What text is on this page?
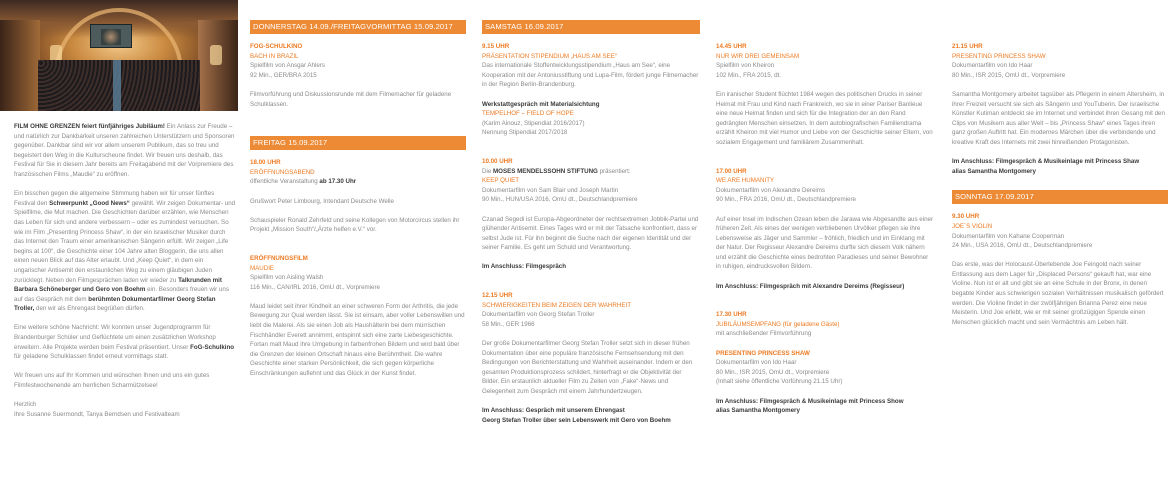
FILM OHNE GRENZEN feiert fünfjähriges Jubiläum! Ein Anlass zur Freude – und natürlich zur Dankbarkeit unseren zahlreichen Unterstützern und Sponsoren gegenüber. Dankbar sind wir vor allem unserem Publikum, das so treu und begeistert den Weg in die Kulturscheune findet. Wir freuen uns deshalb, das Festival für Sie in diesem Jahr bereits am Freitagabend mit der Vorpremiere des französischen Films „Maudie“ zu eröffnen.

Ein bisschen gegen die allgemeine Stimmung haben wir für unser fünftes Festival den Schwerpunkt „Good News“ gewählt. Wir zeigen Dokumentar- und Spielfilme, die Mut machen. Die Geschichten darüber erzählen, wie Menschen das Leben für sich und andere verbessern – oder es zumindest versuchen. So wie im Film „Presenting Princess Shaw“, in der ein israelischer Musiker durch das Internet den Traum einer amerikanischen Sängerin erfüllt. Wir zeigen „Life begins at 100“, die Geschichte einer 104 Jahre alten Bloggerin, die uns allen einen neuen Blick auf das Alter erlaubt. Und „Keep Quiet“, in dem ein ungarischer Antisemit den erstaunlichen Weg zu einem gläubigen Juden zurücklegt. Neben den Filmgesprächen laden wir wieder zu Talkrunden mit Barbara Schöneberger und Gero von Boehm ein. Besonders freuen wir uns auf das Gespräch mit dem berühmten Dokumentarfilmer Georg Stefan Troller, den wir als Ehrengast begrüßen dürfen.

Eine weitere schöne Nachricht: Wir konnten unser Jugendprogramm für Brandenburger Schüler und Geflüchtete um einen zusätzlichen Workshop erweitern. Alle Projekte werden beim Festival präsentiert. Unser FoG-Schulkino für geladene Schulklassen findet erneut vormittags statt.

Wir freuen uns auf Ihr Kommen und wünschen Ihnen und uns ein gutes Filmfestwochenende am herrlichen Scharmützelsee!

Herzlich
Ihre Susanne Suermondt, Tanya Berndsen und Festivalteam
DONNERSTAG 14.09./FREITAGVORMITTAG 15.09.2017
FOG-SCHULKINO
BACH IN BRAZIL
Spielfilm von Ansgar Ahlers
92 Min., GER/BRA 2015
Filmvorführung und Diskussionsrunde mit dem Filmemacher für geladene Schulklassen.
FREITAG 15.09.2017
18.00 UHR
ERÖFFNUNGSABEND
öffentliche Veranstaltung ab 17.30 Uhr
Grußwort Peter Limbourg, Intendant Deutsche Welle
Schauspieler Ronald Zehrfeld und seine Kollegen von Motorcircus stellen ihr Projekt „Mission South“/„Ärzte helfen e.V.“ vor.
ERÖFFNUNGSFILM
MAUDIE
Spielfilm von Aisling Walsh
116 Min., CAN/IRL 2016, OmU dt., Vorpremiere
Maud leidet seit ihrer Kindheit an einer schweren Form der Arthritis, die jede Bewegung zur Qual werden lässt. Sie ist einsam, aber voller Lebenswillen und liebt die Malerei. Als sie einen Job als Haushälterin bei dem mürrischen Fischhändler Everett annimmt, entspinnt sich eine zarte Liebesgeschichte. Fortan malt Maud ihre Umgebung in farbenfrohen Bildern und wird bald über die Grenzen der kleinen Ortschaft hinaus eine Berühmtheit. Die wahre Geschichte einer starken Persönlichkeit, die sich gegen körperliche Einschränkungen auflehnt und das Glück in der Kunst findet.
SAMSTAG 16.09.2017
9.15 UHR
PRÄSENTATION STIPENDIUM „HAUS AM SEE“
Das internationale Stoffentwicklungsstipendium „Haus am See“, eine Kooperation mit der Antoniusstiftung und Lupa-Film, fördert junge Filmemacher in der Region Berlin-Brandenburg.
Werkstattgespräch mit Materialsichtung
TEMPELHOF – FIELD OF HOPE
(Karim Ainouz, Stipendiat 2016/2017)
Nennung Stipendiat 2017/2018
10.00 UHR
Die MOSES MENDELSSOHN STIFTUNG präsentiert:
KEEP QUIET
Dokumentarfilm von Sam Blair und Joseph Martin
90 Min., HUN/USA 2016, OmU dt., Deutschlandpremiere
Czanad Segedi ist Europa-Abgeordneter der rechtsextremen Jobbik-Partei und glühender Antisemit. Eines Tages wird er mit der Tatsache konfrontiert, dass er selbst Jude ist. Für ihn beginnt die Suche nach der eigenen Identität und der seiner Familie. Es geht um Schuld und Verantwortung.
Im Anschluss: Filmgespräch
12.15 UHR
SCHWIERIGKEITEN BEIM ZEIGEN DER WAHRHEIT
Dokumentarfilm von Georg Stefan Troller
58 Min., GER 1966
Der große Dokumentarfilmer Georg Stefan Troller setzt sich in dieser frühen Dokumentation über eine populäre französische Fernsehsendung mit den Bedingungen von Berichterstattung und Wahrheit auseinander. Indem er den gesamten Produktionsprozess schildert, hinterfragt er die Objektivität der Bilder. Ein erstaunlich aktueller Film zu Zeiten von „Fake“-News und Gelegenheit zum Gespräch mit einem Jahrhundertzeugen.
Im Anschluss: Gespräch mit unserem Ehrengast
Georg Stefan Troller über sein Lebenswerk mit Gero von Boehm
14.45 UHR
NUR WIR DREI GEMEINSAM
Spielfilm von Kheiron
102 Min., FRA 2015, dt.
Ein iranischer Student flüchtet 1984 wegen des politischen Drucks in seiner Heimat mit Frau und Kind nach Frankreich, wo sie in einer Pariser Banlieue eine neue Heimat finden und sich für die Integration der an den Rand gedrängten Menschen einsetzen. In dem autobiografischen Familiendrama erzählt Kheiron mit viel Humor und Liebe von der Geschichte seiner Eltern, von sozialem Engagement und familiärem Zusammenhalt.
17.00 UHR
WE ARE HUMANITY
Dokumentarfilm von Alexandre Dereims
90 Min., FRA 2016, OmU dt., Deutschlandpremiere
Auf einer Insel im Indischen Ozean leben die Jarawa wie Abgesandte aus einer früheren Zeit. Als eines der wenigen verbliebenen Urvölker pflegen sie ihre Lebensweise als Jäger und Sammler – fröhlich, friedlich und im Einklang mit der Natur. Der Regisseur Alexandre Dereims durfte sich diesem Volk nähern und erzählt die Geschichte eines bedrohten Paradieses und seiner Bewohner in ruhigen, eindrucksvollen Bildern.
Im Anschluss: Filmgespräch mit Alexandre Dereims (Regisseur)
17.30 UHR
JUBILÄUMSEMPFANG (für geladene Gäste)
mit anschließender Filmvorführung
PRESENTING PRINCESS SHAW
Dokumentarfilm von Ido Haar
80 Min., ISR 2015, OmU dt., Vorpremiere
(Inhalt siehe öffentliche Vorführung 21.15 Uhr)
Im Anschluss: Filmgespräch & Musikeinlage mit Princess Show
alias Samantha Montgomery
21.15 UHR
PRESENTING PRINCESS SHAW
Dokumentarfilm von Ido Haar
80 Min., ISR 2015, OmU dt., Vorpremiere
Samantha Montgomery arbeitet tagsüber als Pflegerin in einem Altersheim, in ihrer Freizeit versucht sie sich als Sängerin und YouTuberin. Der israelische Künstler Kutiman entdeckt sie im Internet und verbindet ihren Gesang mit den Clips von Musikern aus aller Welt – bis „Princess Shaw“ eines Tages ihren ganz großen Auftritt hat. Ein modernes Märchen über die verbindende und kreative Kraft des Internets mit zwei hinreißenden Protagonisten.
Im Anschluss: Filmgespräch & Musikeinlage mit Princess Shaw
alias Samantha Montgomery
SONNTAG 17.09.2017
9.30 UHR
JOE´S VIOLIN
Dokumentarfilm von Kahane Cooperman
24 Min., USA 2016, OmU dt., Deutschlandpremiere
Das erste, was der Holocaust-Überlebende Joe Feingold nach seiner Entlassung aus dem Lager für „Displaced Persons“ gekauft hat, war eine Violine. Nun ist er alt und gibt sie an eine Schule in der Bronx, in denen begabte Kinder aus schwierigen sozialen Verhältnissen musikalisch gefördert werden. Die Violine findet in der zwölfjährigen Brianna Perez eine neue Meisterin. Und Joe erlebt, wie er mit seiner großzügigen Spende einen Menschen glücklich macht und sein Vermächtnis am Leben hält.
